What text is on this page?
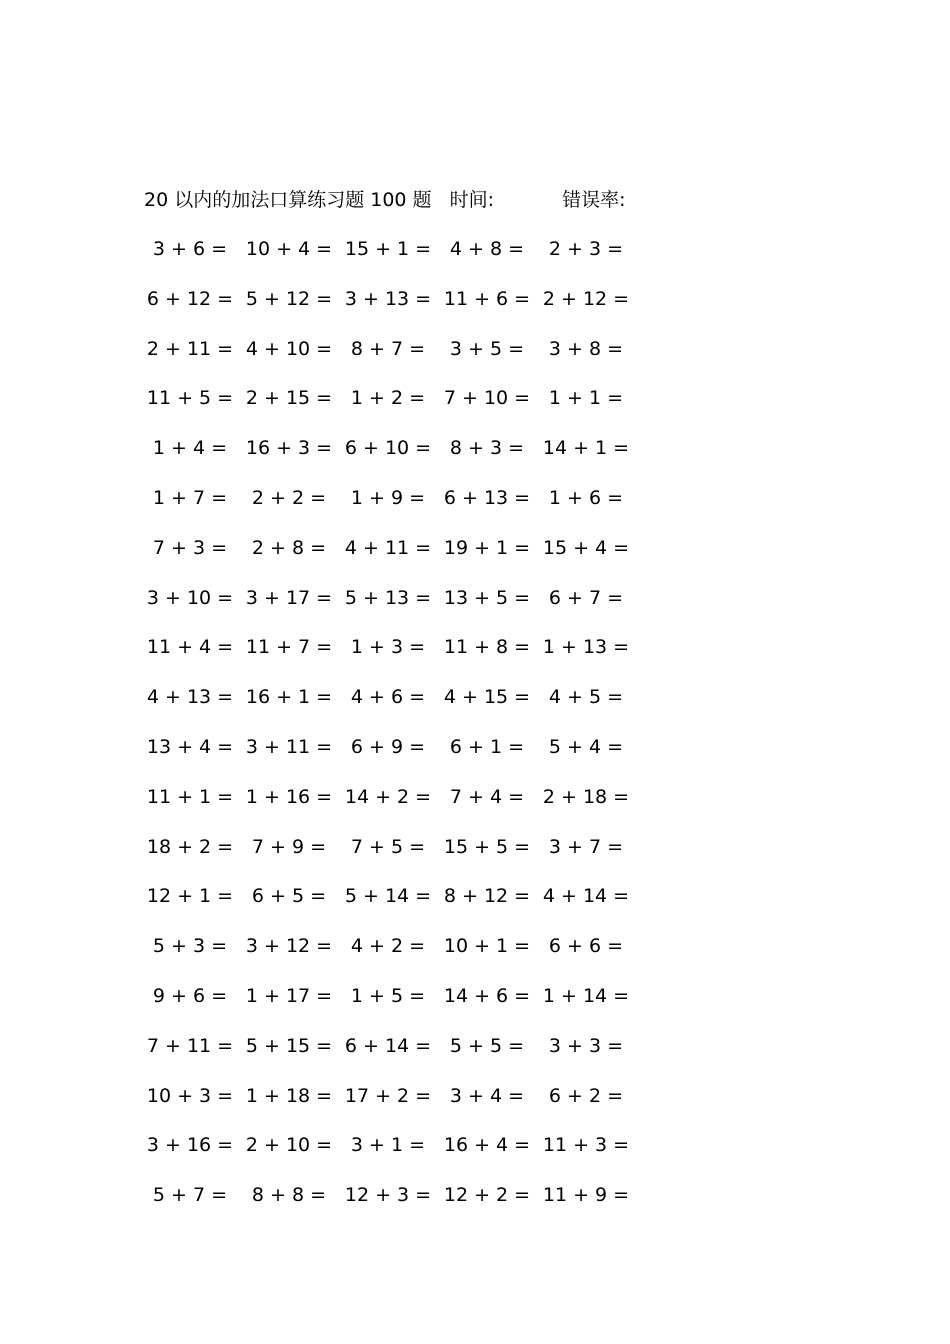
20 以内的加法口算练习题 100 题 时间:	错误率:
3 + 6 = 10 + 4 = 15 + 1 = 4 + 8 =	2 + 3 =
6 + 12 = 5 + 12 = 3 + 13 = 11 + 6 = 2 + 12 =
2 + 11 = 4 + 10 = 8 + 7 =	3 + 5 =	3 + 8 =
11 + 5 = 2 + 15 = 1 + 2 = 7 + 10 = 1 + 1 =
1 + 4 = 16 + 3 = 6 + 10 = 8 + 3 = 14 + 1 =
1 + 7 =	2 + 2 =	1 + 9 = 6 + 13 = 1 + 6 =
7 + 3 =	2 + 8 = 4 + 11 = 19 + 1 = 15 + 4 =
3 + 10 = 3 + 17 = 5 + 13 = 13 + 5 = 6 + 7 =
11 + 4 = 11 + 7 = 1 + 3 = 11 + 8 = 1 + 13 =
4 + 13 = 16 + 1 = 4 + 6 = 4 + 15 = 4 + 5 =
13 + 4 = 3 + 11 = 6 + 9 =	6 + 1 =	5 + 4 =
11 + 1 = 1 + 16 = 14 + 2 = 7 + 4 = 2 + 18 =
18 + 2 = 7 + 9 =	7 + 5 = 15 + 5 = 3 + 7 =
12 + 1 = 6 + 5 = 5 + 14 = 8 + 12 = 4 + 14 =
5 + 3 = 3 + 12 = 4 + 2 = 10 + 1 = 6 + 6 =
9 + 6 = 1 + 17 = 1 + 5 = 14 + 6 = 1 + 14 =
7 + 11 = 5 + 15 = 6 + 14 = 5 + 5 =	3 + 3 =
10 + 3 = 1 + 18 = 17 + 2 = 3 + 4 =	6 + 2 =
3 + 16 = 2 + 10 = 3 + 1 = 16 + 4 = 11 + 3 =
5 + 7 =	8 + 8 = 12 + 3 = 12 + 2 = 11 + 9 =
